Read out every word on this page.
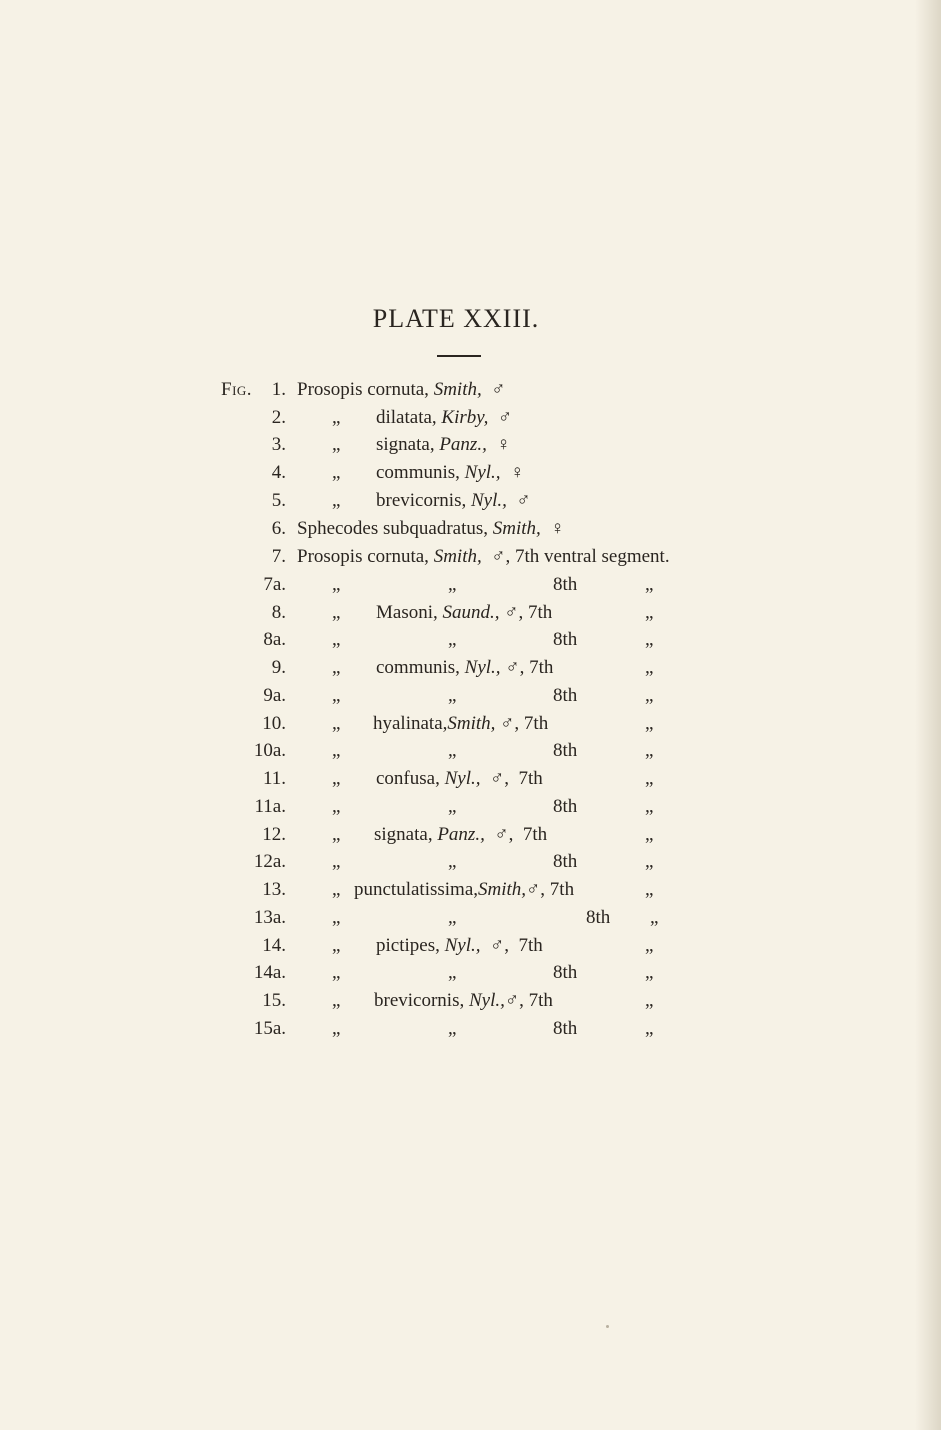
PLATE XXIII.
Fig. 1. Prosopis cornuta, Smith, ♂
2. „ dilatata, Kirby, ♂
3. „ signata, Panz., ♀
4. „ communis, Nyl., ♀
5. „ brevicornis, Nyl., ♂
6. Sphecodes subquadratus, Smith, ♀
7. Prosopis cornuta, Smith, ♂, 7th ventral segment.
7a. „	„	8th	„
8. „ Masoni, Saund., ♂, 7th	„
8a. „	„	8th	„
9. „ communis, Nyl., ♂, 7th	„
9a. „	„	8th	„
10. „ hyalinata,Smith, ♂, 7th	„
10a. „	„	8th	„
11. „ confusa, Nyl., ♂,  7th	„
11a. „	„	8th	„
12. „ signata, Panz., ♂,  7th	„
12a. „	„	8th	„
13. „ punctulatissima,Smith,♂, 7th	„
13a. „	„	8th „
14. „ pictipes, Nyl., ♂,  7th	„
14a. „	„	8th	„
15. „ brevicornis, Nyl.,♂, 7th	„
15a. „	„	8th	„
